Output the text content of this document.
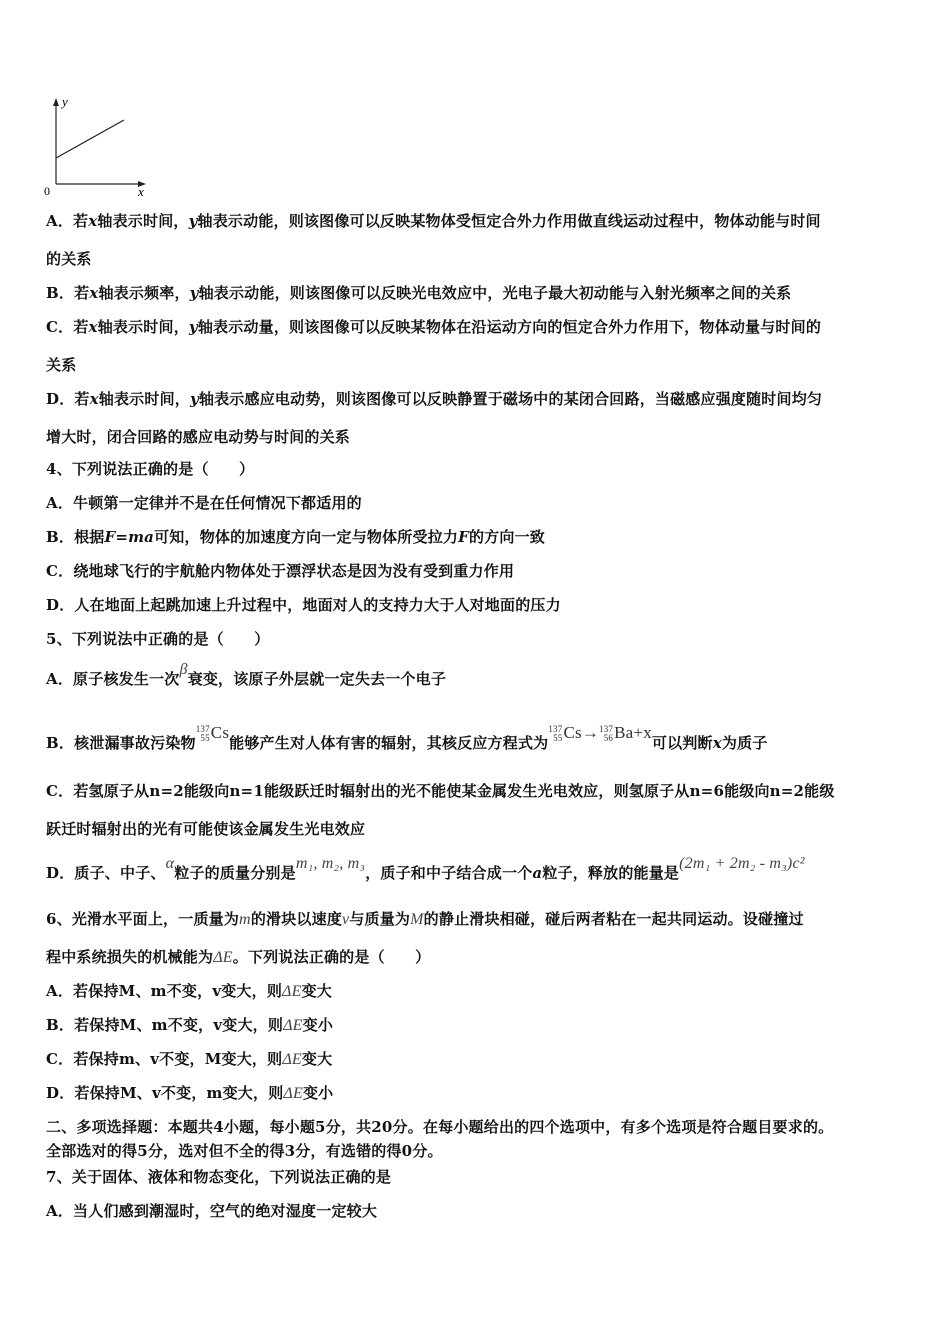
y
x
0
A．若x轴表示时间，y轴表示动能，则该图像可以反映某物体受恒定合外力作用做直线运动过程中，物体动能与时间
的关系
B．若x轴表示频率，y轴表示动能，则该图像可以反映光电效应中，光电子最大初动能与入射光频率之间的关系
C．若x轴表示时间，y轴表示动量，则该图像可以反映某物体在沿运动方向的恒定合外力作用下，物体动量与时间的
关系
D．若x轴表示时间，y轴表示感应电动势，则该图像可以反映静置于磁场中的某闭合回路，当磁感应强度随时间均匀
增大时，闭合回路的感应电动势与时间的关系
4、下列说法正确的是（　　）
A．牛顿第一定律并不是在任何情况下都适用的
B．根据F=ma可知，物体的加速度方向一定与物体所受拉力F的方向一致
C．绕地球飞行的宇航舱内物体处于漂浮状态是因为没有受到重力作用
D．人在地面上起跳加速上升过程中，地面对人的支持力大于人对地面的压力
5、下列说法中正确的是（　　）
A．原子核发生一次β衰变，该原子外层就一定失去一个电子
B．核泄漏事故污染物
137
55 Cs能够产生对人体有害的辐射，其核反应方程式为
137
55 Cs→ 137
56 Ba+x可以判断x为质子
C．若氢原子从n=2能级向n=1能级跃迁时辐射出的光不能使某金属发生光电效应，则氢原子从n=6能级向n=2能级
跃迁时辐射出的光有可能使该金属发生光电效应
D．质子、中子、α粒子的质量分别是m₁, m₂, m₃，质子和中子结合成一个a粒子，释放的能量是(2m₁ + 2m₂ - m₃)c²
6、光滑水平面上，一质量为m的滑块以速度v与质量为M的静止滑块相碰，碰后两者粘在一起共同运动。设碰撞过
程中系统损失的机械能为ΔE。下列说法正确的是（　　）
A．若保持M、m不变，v变大，则ΔE变大
B．若保持M、m不变，v变大，则ΔE变小
C．若保持m、v不变，M变大，则ΔE变大
D．若保持M、v不变，m变大，则ΔE变小
二、多项选择题：本题共4小题，每小题5分，共20分。在每小题给出的四个选项中，有多个选项是符合题目要求的。
全部选对的得5分，选对但不全的得3分，有选错的得0分。
7、关于固体、液体和物态变化，下列说法正确的是
A．当人们感到潮湿时，空气的绝对湿度一定较大
